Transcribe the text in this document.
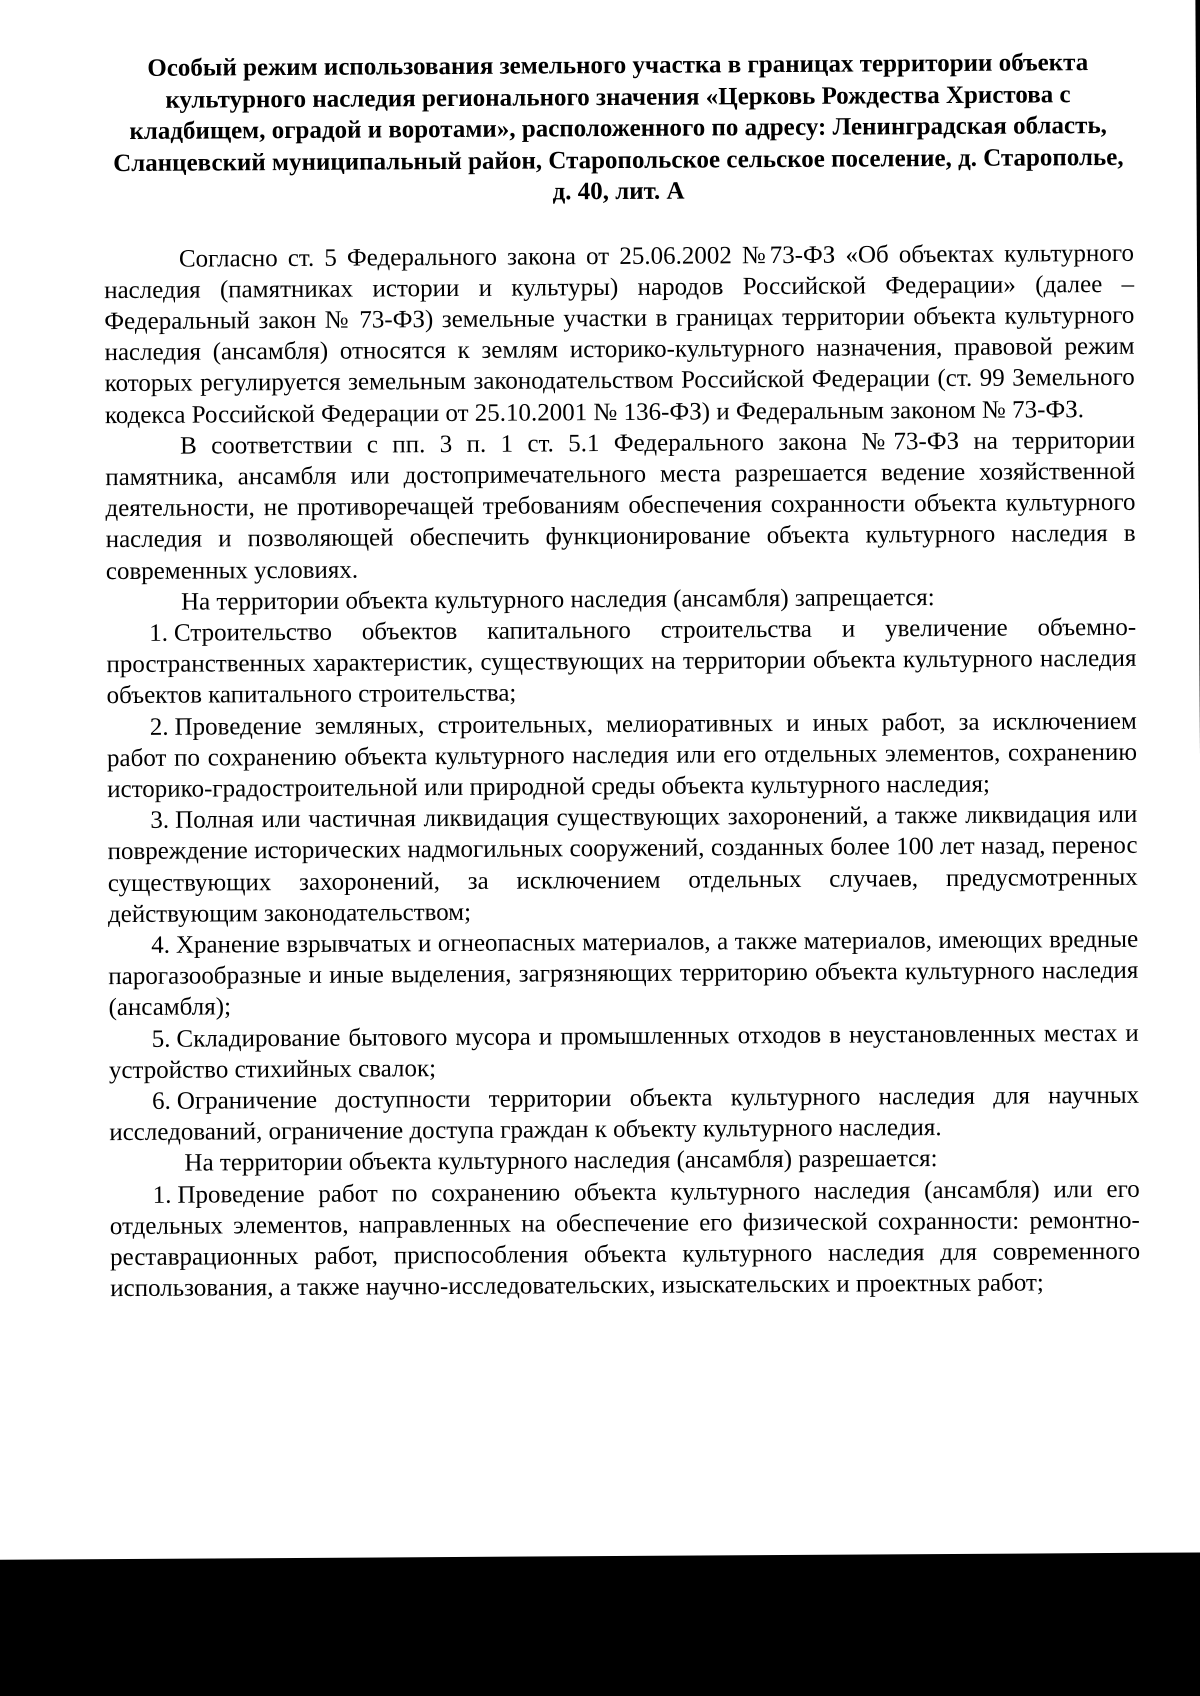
Особый режим использования земельного участка в границах территории объекта культурного наследия регионального значения «Церковь Рождества Христова с кладбищем, оградой и воротами», расположенного по адресу: Ленинградская область, Сланцевский муниципальный район, Старопольское сельское поселение, д. Старополье, д. 40, лит. А

Согласно ст. 5 Федерального закона от 25.06.2002 №73-ФЗ «Об объектах культурного наследия (памятниках истории и культуры) народов Российской Федерации» (далее – Федеральный закон № 73-ФЗ) земельные участки в границах территории объекта культурного наследия (ансамбля) относятся к землям историко-культурного назначения, правовой режим которых регулируется земельным законодательством Российской Федерации (ст. 99 Земельного кодекса Российской Федерации от 25.10.2001 № 136-ФЗ) и Федеральным законом № 73-ФЗ.

В соответствии с пп. 3 п. 1 ст. 5.1 Федерального закона №73-ФЗ на территории памятника, ансамбля или достопримечательного места разрешается ведение хозяйственной деятельности, не противоречащей требованиям обеспечения сохранности объекта культурного наследия и позволяющей обеспечить функционирование объекта культурного наследия в современных условиях.

На территории объекта культурного наследия (ансамбля) запрещается:

1. Строительство объектов капитального строительства и увеличение объемно-пространственных характеристик, существующих на территории объекта культурного наследия объектов капитального строительства;
2. Проведение земляных, строительных, мелиоративных и иных работ, за исключением работ по сохранению объекта культурного наследия или его отдельных элементов, сохранению историко-градостроительной или природной среды объекта культурного наследия;
3. Полная или частичная ликвидация существующих захоронений, а также ликвидация или повреждение исторических надмогильных сооружений, созданных более 100 лет назад, перенос существующих захоронений, за исключением отдельных случаев, предусмотренных действующим законодательством;
4. Хранение взрывчатых и огнеопасных материалов, а также материалов, имеющих вредные парогазообразные и иные выделения, загрязняющих территорию объекта культурного наследия (ансамбля);
5. Складирование бытового мусора и промышленных отходов в неустановленных местах и устройство стихийных свалок;
6. Ограничение доступности территории объекта культурного наследия для научных исследований, ограничение доступа граждан к объекту культурного наследия.

На территории объекта культурного наследия (ансамбля) разрешается:

1. Проведение работ по сохранению объекта культурного наследия (ансамбля) или его отдельных элементов, направленных на обеспечение его физической сохранности: ремонтно-реставрационных работ, приспособления объекта культурного наследия для современного использования, а также научно-исследовательских, изыскательских и проектных работ;
